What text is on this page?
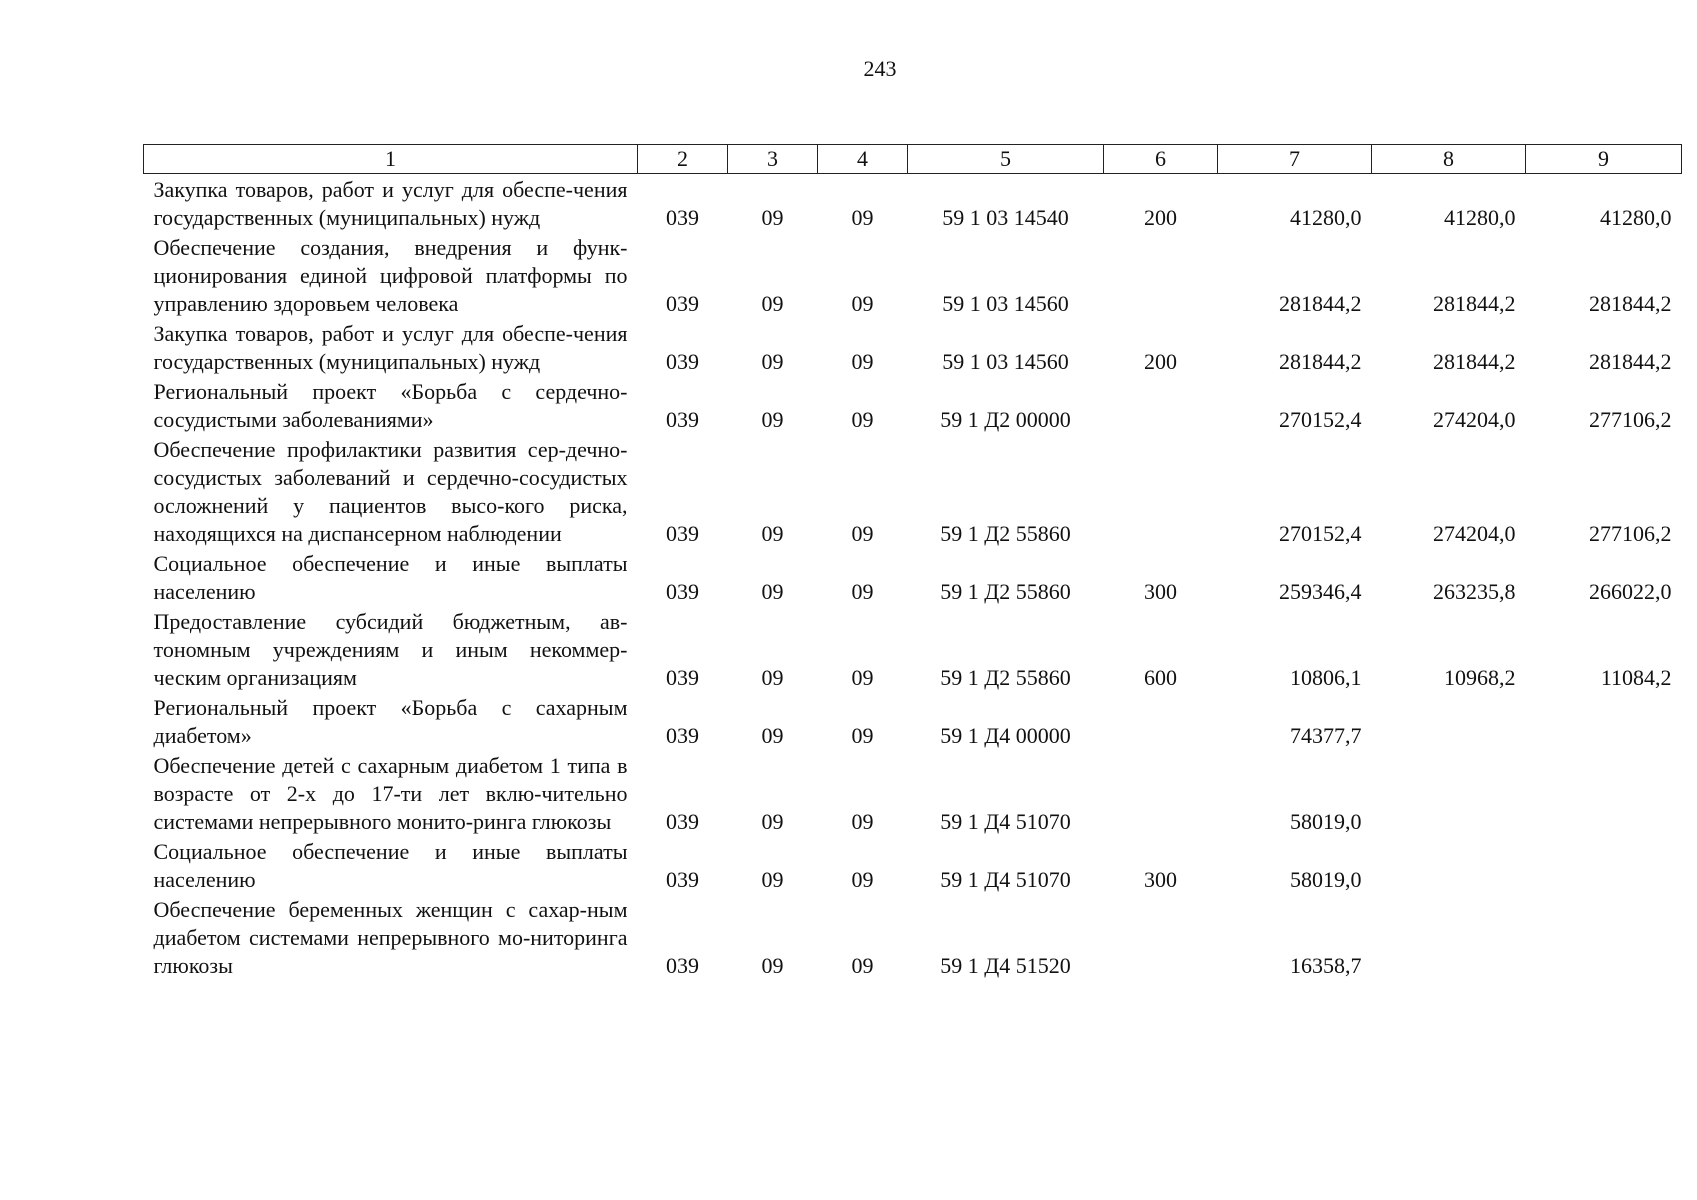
243
1	2	3	4	5	6	7	8	9
Закупка товаров, работ и услуг для обеспе-чения государственных (муниципальных) нужд	039	09	09	59 1 03 14540	200	41280,0	41280,0	41280,0
Обеспечение создания, внедрения и функ-ционирования единой цифровой платформы по управлению здоровьем человека	039	09	09	59 1 03 14560		281844,2	281844,2	281844,2
Закупка товаров, работ и услуг для обеспе-чения государственных (муниципальных) нужд	039	09	09	59 1 03 14560	200	281844,2	281844,2	281844,2
Региональный проект «Борьба с сердечно-сосудистыми заболеваниями»	039	09	09	59 1 Д2 00000		270152,4	274204,0	277106,2
Обеспечение профилактики развития сер-дечно-сосудистых заболеваний и сердечно-сосудистых осложнений у пациентов высо-кого риска, находящихся на диспансерном наблюдении	039	09	09	59 1 Д2 55860		270152,4	274204,0	277106,2
Социальное обеспечение и иные выплаты населению	039	09	09	59 1 Д2 55860	300	259346,4	263235,8	266022,0
Предоставление субсидий бюджетным, ав-тономным учреждениям и иным некоммер-ческим организациям	039	09	09	59 1 Д2 55860	600	10806,1	10968,2	11084,2
Региональный проект «Борьба с сахарным диабетом»	039	09	09	59 1 Д4 00000		74377,7		
Обеспечение детей с сахарным диабетом 1 типа в возрасте от 2-х до 17-ти лет вклю-чительно системами непрерывного монито-ринга глюкозы	039	09	09	59 1 Д4 51070		58019,0		
Социальное обеспечение и иные выплаты населению	039	09	09	59 1 Д4 51070	300	58019,0		
Обеспечение беременных женщин с сахар-ным диабетом системами непрерывного мо-ниторинга глюкозы	039	09	09	59 1 Д4 51520		16358,7		
